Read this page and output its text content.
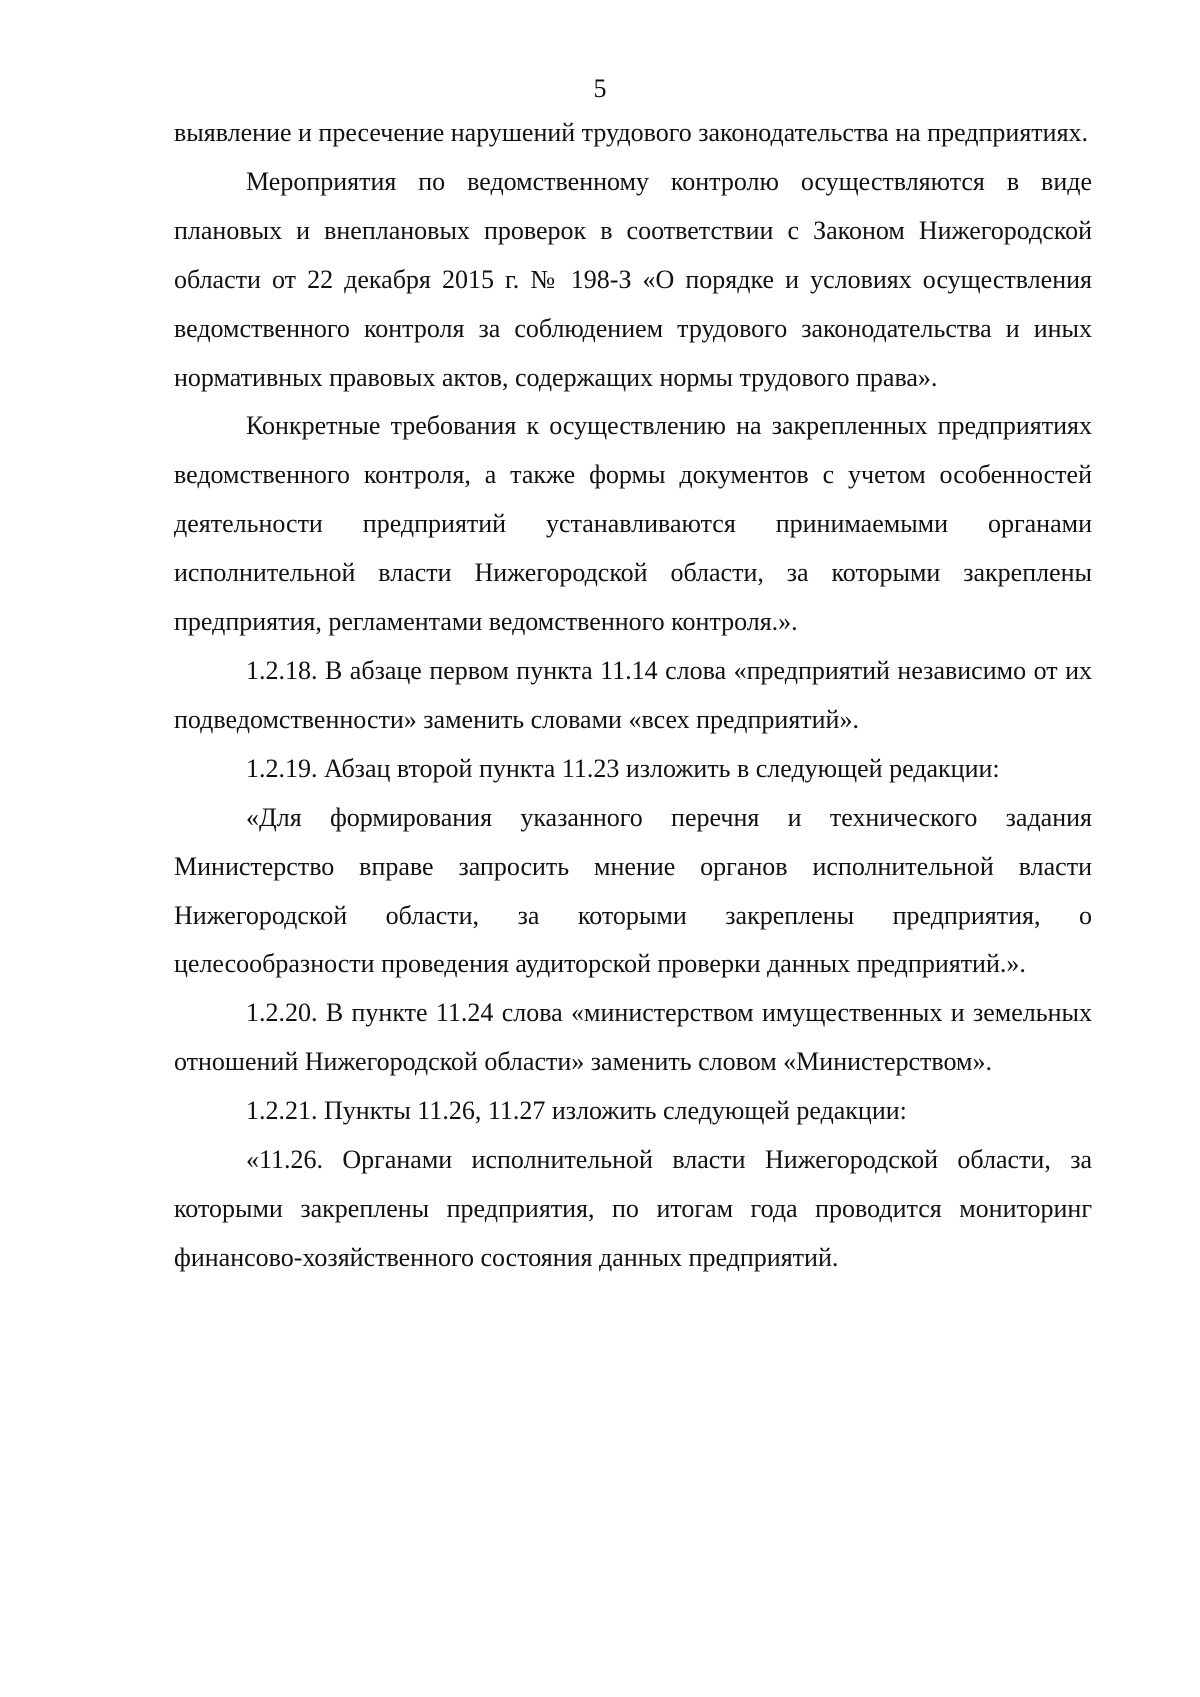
5

выявление и пресечение нарушений трудового законодательства на предприятиях.

Мероприятия по ведомственному контролю осуществляются в виде плановых и внеплановых проверок в соответствии с Законом Нижегородской области от 22 декабря 2015 г. № 198-З «О порядке и условиях осуществления ведомственного контроля за соблюдением трудового законодательства и иных нормативных правовых актов, содержащих нормы трудового права».

Конкретные требования к осуществлению на закрепленных предприятиях ведомственного контроля, а также формы документов с учетом особенностей деятельности предприятий устанавливаются принимаемыми органами исполнительной власти Нижегородской области, за которыми закреплены предприятия, регламентами ведомственного контроля.».

1.2.18. В абзаце первом пункта 11.14 слова «предприятий независимо от их подведомственности» заменить словами «всех предприятий».

1.2.19. Абзац второй пункта 11.23 изложить в следующей редакции:

«Для формирования указанного перечня и технического задания Министерство вправе запросить мнение органов исполнительной власти Нижегородской области, за которыми закреплены предприятия, о целесообразности проведения аудиторской проверки данных предприятий.».

1.2.20. В пункте 11.24 слова «министерством имущественных и земельных отношений Нижегородской области» заменить словом «Министерством».

1.2.21. Пункты 11.26, 11.27 изложить следующей редакции:

«11.26. Органами исполнительной власти Нижегородской области, за которыми закреплены предприятия, по итогам года проводится мониторинг финансово-хозяйственного состояния данных предприятий.
